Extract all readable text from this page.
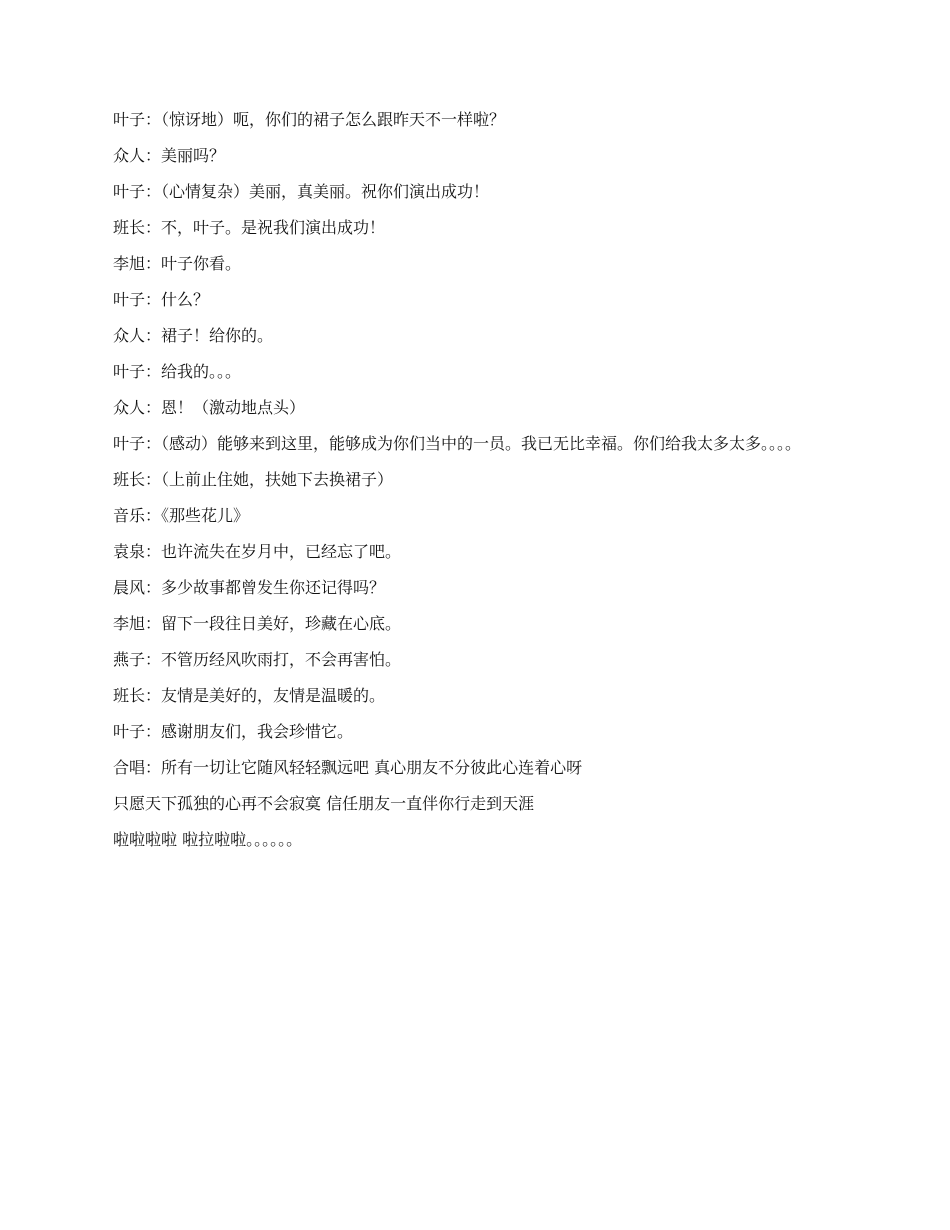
叶子：（惊讶地）呃，你们的裙子怎么跟昨天不一样啦？

众人：美丽吗？

叶子：（心情复杂）美丽，真美丽。祝你们演出成功！

班长：不，叶子。是祝我们演出成功！

李旭：叶子你看。

叶子：什么？

众人：裙子！给你的。

叶子：给我的。。。

众人：恩！（激动地点头）

叶子：（感动）能够来到这里，能够成为你们当中的一员。我已无比幸福。你们给我太多太多。。。。

班长：（上前止住她，扶她下去换裙子）

音乐：《那些花儿》

袁泉：也许流失在岁月中，已经忘了吧。

晨风：多少故事都曾发生你还记得吗？

李旭：留下一段往日美好，珍藏在心底。

燕子：不管历经风吹雨打，不会再害怕。

班长：友情是美好的，友情是温暖的。

叶子：感谢朋友们，我会珍惜它。

合唱：所有一切让它随风轻轻飘远吧 真心朋友不分彼此心连着心呀

只愿天下孤独的心再不会寂寞 信任朋友一直伴你行走到天涯

啦啦啦啦 啦拉啦啦。。。。。。
